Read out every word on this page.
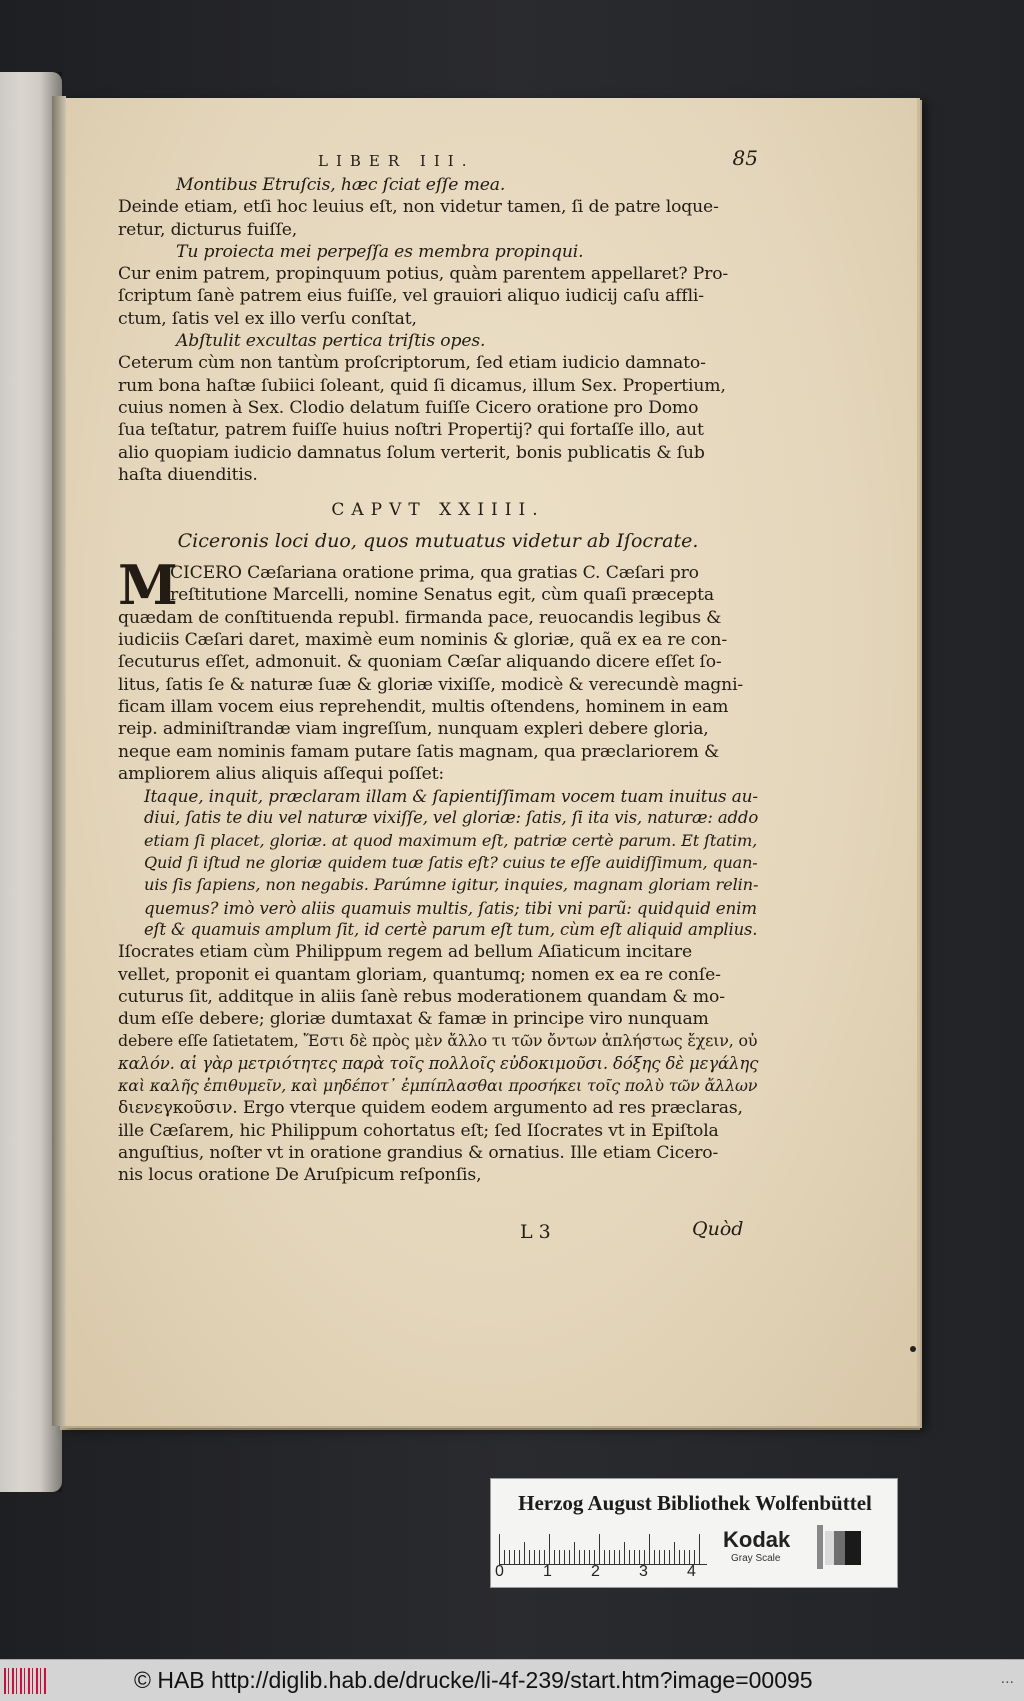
LIBER III.	85
Montibus Etruſcis, hæc ſciat eſſe mea.
Deinde etiam, etſi hoc leuius eſt, non videtur tamen, ſi de patre loque-
retur, dicturus fuiſſe,
Tu proiecta mei perpeſſa es membra propinqui.
Cur enim patrem, propinquum potius, quàm parentem appellaret? Pro-
ſcriptum ſanè patrem eius fuiſſe, vel grauiori aliquo iudicij caſu affli-
ctum, ſatis vel ex illo verſu conſtat,
Abſtulit excultas pertica triſtis opes.
Ceterum cùm non tantùm proſcriptorum, ſed etiam iudicio damnato-
rum bona haſtæ ſubiici ſoleant, quid ſi dicamus, illum Sex. Propertium,
cuius nomen à Sex. Clodio delatum fuiſſe Cicero oratione pro Domo
ſua teſtatur, patrem fuiſſe huius noſtri Propertij? qui fortaſſe illo, aut
alio quopiam iudicio damnatus ſolum verterit, bonis publicatis & ſub
haſta diuenditis.
CAPVT XXIIII.
Ciceronis loci duo, quos mutuatus videtur ab Iſocrate.
M
CICERO Cæſariana oratione prima, qua gratias C. Cæſari pro
reſtitutione Marcelli, nomine Senatus egit, cùm quaſi præcepta
quædam de conſtituenda republ. firmanda pace, reuocandis legibus &
iudiciis Cæſari daret, maximè eum nominis & gloriæ, quã ex ea re con-
ſecuturus eſſet, admonuit. & quoniam Cæſar aliquando dicere eſſet ſo-
litus, ſatis ſe & naturæ ſuæ & gloriæ vixiſſe, modicè & verecundè magni-
ficam illam vocem eius reprehendit, multis oſtendens, hominem in eam
reip. adminiſtrandæ viam ingreſſum, nunquam expleri debere gloria,
neque eam nominis famam putare ſatis magnam, qua præclariorem &
ampliorem alius aliquis aſſequi poſſet:
Itaque, inquit, præclaram illam & ſapientiſſimam vocem tuam inuitus au-
diui, ſatis te diu vel naturæ vixiſſe, vel gloriæ: ſatis, ſi ita vis, naturæ: addo
etiam ſi placet, gloriæ. at quod maximum eſt, patriæ certè parum. Et ſtatim,
Quid ſi iſtud ne gloriæ quidem tuæ ſatis eſt? cuius te eſſe auidiſſimum, quan-
uis ſis ſapiens, non negabis. Parúmne igitur, inquies, magnam gloriam relin-
quemus? imò verò aliis quamuis multis, ſatis; tibi vni parũ: quidquid enim
eſt & quamuis amplum ſit, id certè parum eſt tum, cùm eſt aliquid amplius.
Iſocrates etiam cùm Philippum regem ad bellum Aſiaticum incitare
vellet, proponit ei quantam gloriam, quantumq; nomen ex ea re conſe-
cuturus ſit, additque in aliis ſanè rebus moderationem quandam & mo-
dum eſſe debere; gloriæ dumtaxat & famæ in principe viro nunquam
debere eſſe ſatietatem, Ἔστι δὲ πρὸς μὲν ἄλλο τι τῶν ὄντων ἀπλήστως ἔχειν, οὐ
καλόν. αἱ γὰρ μετριότητες παρὰ τοῖς πολλοῖς εὐδοκιμοῦσι. δόξης δὲ μεγάλης
καὶ καλῆς ἐπιθυμεῖν, καὶ μηδέποτ᾽ ἐμπίπλασθαι προσήκει τοῖς πολὺ τῶν ἄλλων
διενεγκοῦσιν. Ergo vterque quidem eodem argumento ad res præclaras,
ille Cæſarem, hic Philippum cohortatus eſt; ſed Iſocrates vt in Epiſtola
anguſtius, noſter vt in oratione grandius & ornatius. Ille etiam Cicero-
nis locus oratione De Aruſpicum reſponſis,
L 3	Quòd
Herzog August Bibliothek Wolfenbüttel
0 1 2 3 4
Kodak
Gray Scale
© HAB http://diglib.hab.de/drucke/li-4f-239/start.htm?image=00095	...
